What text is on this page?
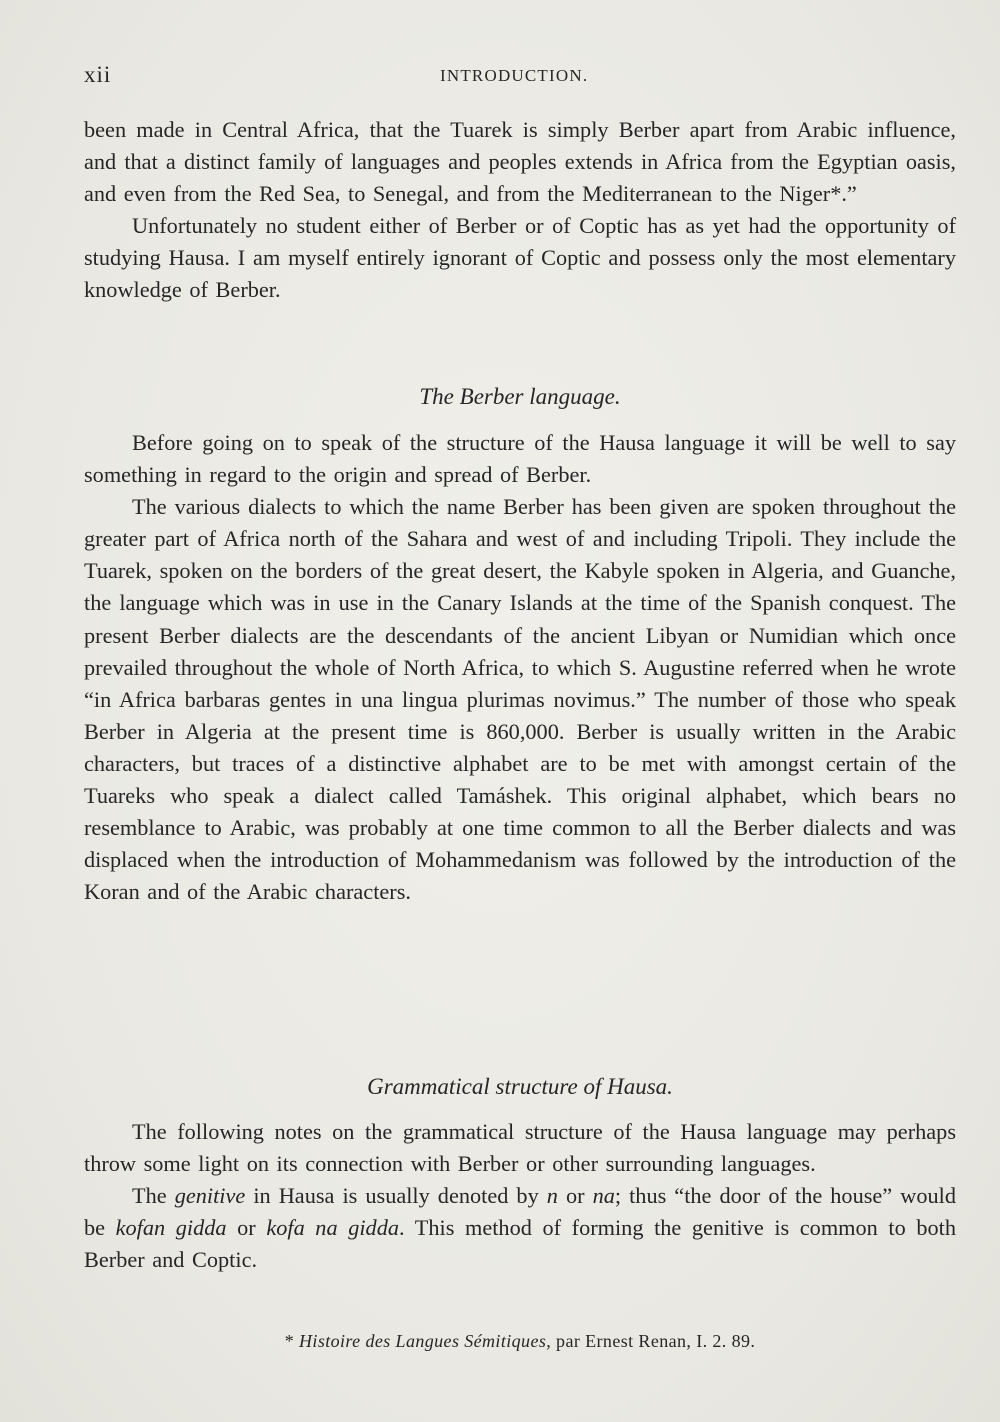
xii	INTRODUCTION.

been made in Central Africa, that the Tuarek is simply Berber apart from Arabic influence, and that a distinct family of languages and peoples extends in Africa from the Egyptian oasis, and even from the Red Sea, to Senegal, and from the Mediterranean to the Niger*.”

Unfortunately no student either of Berber or of Coptic has as yet had the opportunity of studying Hausa. I am myself entirely ignorant of Coptic and possess only the most elementary knowledge of Berber.

The Berber language.

Before going on to speak of the structure of the Hausa language it will be well to say something in regard to the origin and spread of Berber.

The various dialects to which the name Berber has been given are spoken throughout the greater part of Africa north of the Sahara and west of and including Tripoli. They include the Tuarek, spoken on the borders of the great desert, the Kabyle spoken in Algeria, and Guanche, the language which was in use in the Canary Islands at the time of the Spanish conquest. The present Berber dialects are the descendants of the ancient Libyan or Numidian which once prevailed throughout the whole of North Africa, to which S. Augustine referred when he wrote “in Africa barbaras gentes in una lingua plurimas novimus.” The number of those who speak Berber in Algeria at the present time is 860,000. Berber is usually written in the Arabic characters, but traces of a distinctive alphabet are to be met with amongst certain of the Tuareks who speak a dialect called Tamáshek. This original alphabet, which bears no resemblance to Arabic, was probably at one time common to all the Berber dialects and was displaced when the introduction of Mohammedanism was followed by the introduction of the Koran and of the Arabic characters.

Grammatical structure of Hausa.

The following notes on the grammatical structure of the Hausa language may perhaps throw some light on its connection with Berber or other surrounding languages.

The genitive in Hausa is usually denoted by n or na; thus “the door of the house” would be kofan gidda or kofa na gidda. This method of forming the genitive is common to both Berber and Coptic.

* Histoire des Langues Sémitiques, par Ernest Renan, I. 2. 89.
